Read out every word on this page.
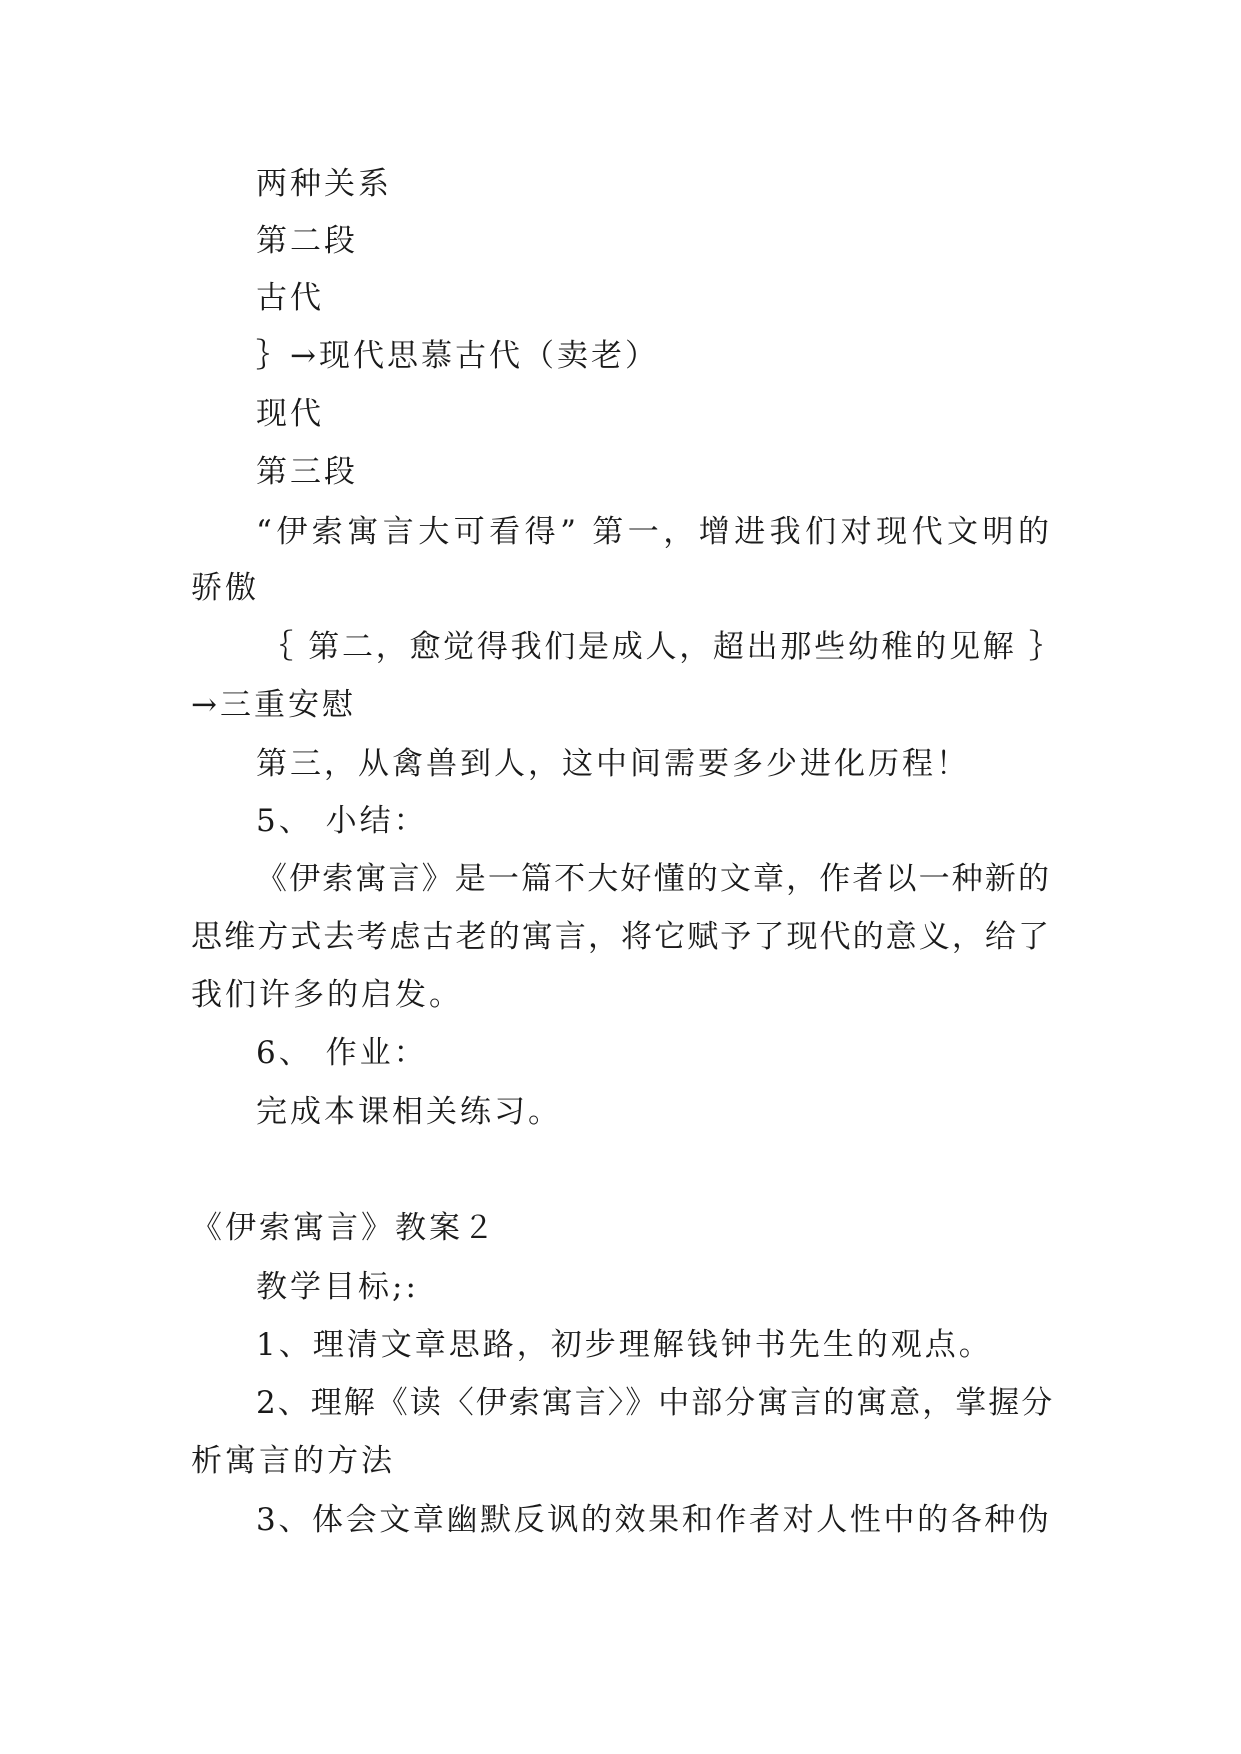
两种关系
第二段
古代
｝→现代思慕古代（卖老）
现代
第三段
“伊索寓言大可看得” 第一，增进我们对现代文明的
骄傲
｛ 第二，愈觉得我们是成人，超出那些幼稚的见解 ｝
→三重安慰
第三，从禽兽到人，这中间需要多少进化历程！
5、 小结：
《伊索寓言》是一篇不大好懂的文章，作者以一种新的
思维方式去考虑古老的寓言，将它赋予了现代的意义，给了
我们许多的启发。
6、 作业：
完成本课相关练习。
《伊索寓言》教案２
教学目标;:
1、理清文章思路，初步理解钱钟书先生的观点。
2、理解《读〈伊索寓言〉》中部分寓言的寓意，掌握分
析寓言的方法
3、体会文章幽默反讽的效果和作者对人性中的各种伪
